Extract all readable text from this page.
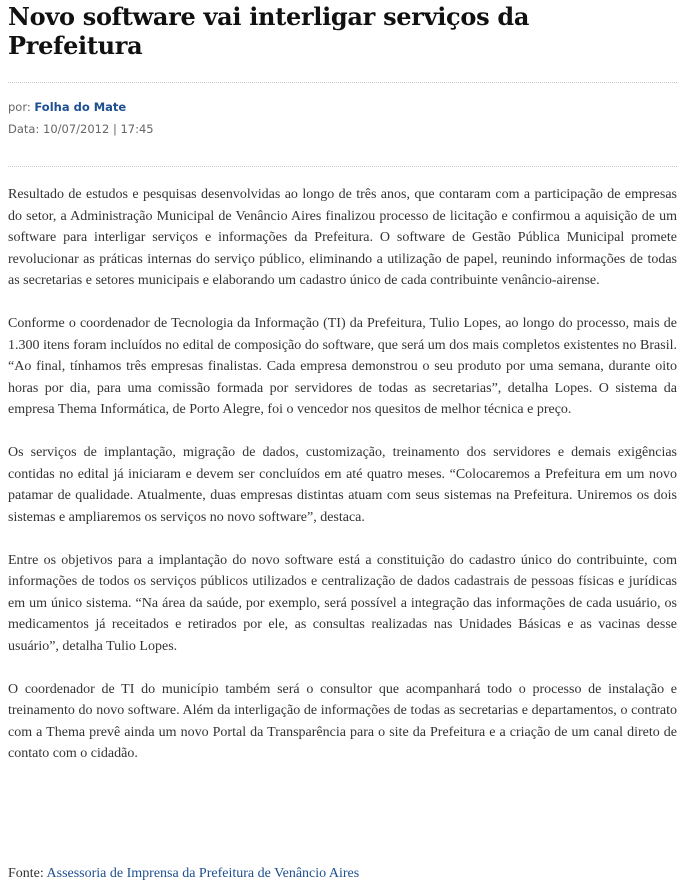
Novo software vai interligar serviços da Prefeitura
por: Folha do Mate
Data: 10/07/2012 | 17:45

Resultado de estudos e pesquisas desenvolvidas ao longo de três anos, que contaram com a participação de empresas do setor, a Administração Municipal de Venâncio Aires finalizou processo de licitação e confirmou a aquisição de um software para interligar serviços e informações da Prefeitura. O software de Gestão Pública Municipal promete revolucionar as práticas internas do serviço público, eliminando a utilização de papel, reunindo informações de todas as secretarias e setores municipais e elaborando um cadastro único de cada contribuinte venâncio-airense.

Conforme o coordenador de Tecnologia da Informação (TI) da Prefeitura, Tulio Lopes, ao longo do processo, mais de 1.300 itens foram incluídos no edital de composição do software, que será um dos mais completos existentes no Brasil. “Ao final, tínhamos três empresas finalistas. Cada empresa demonstrou o seu produto por uma semana, durante oito horas por dia, para uma comissão formada por servidores de todas as secretarias”, detalha Lopes. O sistema da empresa Thema Informática, de Porto Alegre, foi o vencedor nos quesitos de melhor técnica e preço.

Os serviços de implantação, migração de dados, customização, treinamento dos servidores e demais exigências contidas no edital já iniciaram e devem ser concluídos em até quatro meses. “Colocaremos a Prefeitura em um novo patamar de qualidade. Atualmente, duas empresas distintas atuam com seus sistemas na Prefeitura. Uniremos os dois sistemas e ampliaremos os serviços no novo software”, destaca.

Entre os objetivos para a implantação do novo software está a constituição do cadastro único do contribuinte, com informações de todos os serviços públicos utilizados e centralização de dados cadastrais de pessoas físicas e jurídicas em um único sistema. “Na área da saúde, por exemplo, será possível a integração das informações de cada usuário, os medicamentos já receitados e retirados por ele, as consultas realizadas nas Unidades Básicas e as vacinas desse usuário”, detalha Tulio Lopes.

O coordenador de TI do município também será o consultor que acompanhará todo o processo de instalação e treinamento do novo software. Além da interligação de informações de todas as secretarias e departamentos, o contrato com a Thema prevê ainda um novo Portal da Transparência para o site da Prefeitura e a criação de um canal direto de contato com o cidadão.

Fonte: Assessoria de Imprensa da Prefeitura de Venâncio Aires
